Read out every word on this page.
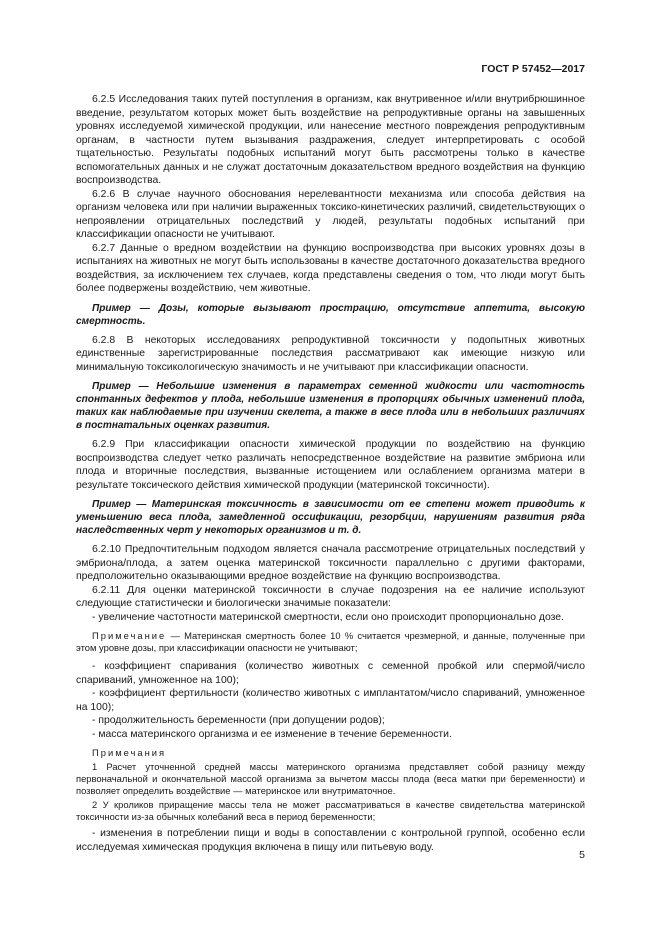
ГОСТ Р 57452—2017

6.2.5 Исследования таких путей поступления в организм, как внутривенное и/или внутрибрюшинное введение, результатом которых может быть воздействие на репродуктивные органы на завышенных уровнях исследуемой химической продукции, или нанесение местного повреждения репродуктивным органам, в частности путем вызывания раздражения, следует интерпретировать с особой тщательностью. Результаты подобных испытаний могут быть рассмотрены только в качестве вспомогательных данных и не служат достаточным доказательством вредного воздействия на функцию воспроизводства.

6.2.6 В случае научного обоснования нерелевантности механизма или способа действия на организм человека или при наличии выраженных токсико-кинетических различий, свидетельствующих о непроявлении отрицательных последствий у людей, результаты подобных испытаний при классификации опасности не учитывают.

6.2.7 Данные о вредном воздействии на функцию воспроизводства при высоких уровнях дозы в испытаниях на животных не могут быть использованы в качестве достаточного доказательства вредного воздействия, за исключением тех случаев, когда представлены сведения о том, что люди могут быть более подвержены воздействию, чем животные.

Пример — Дозы, которые вызывают прострацию, отсутствие аппетита, высокую смертность.

6.2.8 В некоторых исследованиях репродуктивной токсичности у подопытных животных единственные зарегистрированные последствия рассматривают как имеющие низкую или минимальную токсикологическую значимость и не учитывают при классификации опасности.

Пример — Небольшие изменения в параметрах семенной жидкости или частотность спонтанных дефектов у плода, небольшие изменения в пропорциях обычных изменений плода, таких как наблюдаемые при изучении скелета, а также в весе плода или в небольших различиях в постнатальных оценках развития.

6.2.9 При классификации опасности химической продукции по воздействию на функцию воспроизводства следует четко различать непосредственное воздействие на развитие эмбриона или плода и вторичные последствия, вызванные истощением или ослаблением организма матери в результате токсического действия химической продукции (материнской токсичности).

Пример — Материнская токсичность в зависимости от ее степени может приводить к уменьшению веса плода, замедленной оссификации, резорбции, нарушениям развития ряда наследственных черт у некоторых организмов и т. д.

6.2.10 Предпочтительным подходом является сначала рассмотрение отрицательных последствий у эмбриона/плода, а затем оценка материнской токсичности параллельно с другими факторами, предположительно оказывающими вредное воздействие на функцию воспроизводства.

6.2.11 Для оценки материнской токсичности в случае подозрения на ее наличие используют следующие статистически и биологически значимые показатели:

- увеличение частотности материнской смертности, если оно происходит пропорционально дозе.

Примечание — Материнская смертность более 10 % считается чрезмерной, и данные, полученные при этом уровне дозы, при классификации опасности не учитывают;

- коэффициент спаривания (количество животных с семенной пробкой или спермой/число спариваний, умноженное на 100);

- коэффициент фертильности (количество животных с имплантатом/число спариваний, умноженное на 100);

- продолжительность беременности (при допущении родов);

- масса материнского организма и ее изменение в течение беременности.

Примечания

1 Расчет уточненной средней массы материнского организма представляет собой разницу между первоначальной и окончательной массой организма за вычетом массы плода (веса матки при беременности) и позволяет определить воздействие — материнское или внутриматочное.

2 У кроликов приращение массы тела не может рассматриваться в качестве свидетельства материнской токсичности из-за обычных колебаний веса в период беременности;

- изменения в потреблении пищи и воды в сопоставлении с контрольной группой, особенно если исследуемая химическая продукция включена в пищу или питьевую воду.

5
